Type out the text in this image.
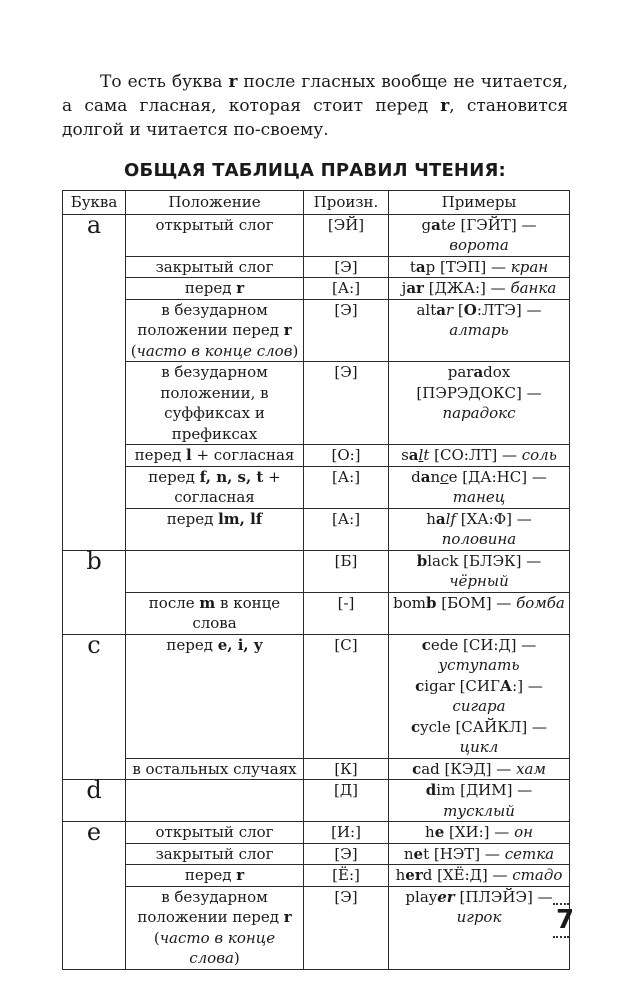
То есть буква r после гласных вообще не читается, а сама гласная, которая стоит перед r, становится долгой и читается по-своему.

ОБЩАЯ ТАБЛИЦА ПРАВИЛ ЧТЕНИЯ:
Буква	Положение	Произн.	Примеры
a	открытый слог	[ЭЙ]	gate [ГЭЙТ] — ворота
	закрытый слог	[Э]	tap [ТЭП] — кран
	перед r	[А:]	jar [ДЖА:] — банка
	в безударном положении перед r (часто в конце слов)	[Э]	altar [О:ЛТЭ] —
алтарь
	в безударном положении, в суффиксах и префиксах	[Э]	paradox [ПЭРЭДОКС] —
парадокс
	перед l + согласная	[О:]	salt [СО:ЛТ] — соль
	перед f, n, s, t + согласная	[А:]	dance [ДА:НС] —
танец
	перед lm, lf	[А:]	half [ХА:Ф] —
половина
b		[Б]	black [БЛЭК] —
чёрный
	после m в конце слова	[-]	bomb [БОМ] — бомба
c	перед e, i, y	[С]	cede [СИ:Д] —
уступать
cigar [СИГА:] —
сигара
cycle [САЙКЛ] — цикл
	в остальных случаях	[К]	cad [КЭД] — хам
d		[Д]	dim [ДИМ] —
тусклый
e	открытый слог	[И:]	he [ХИ:] — он
	закрытый слог	[Э]	net [НЭТ] — сетка
	перед r	[Ё:]	herd [ХЁ:Д] — стадо
	в безударном положении перед r (часто в конце слова)	[Э]	player [ПЛЭЙЭ] —
игрок 7
